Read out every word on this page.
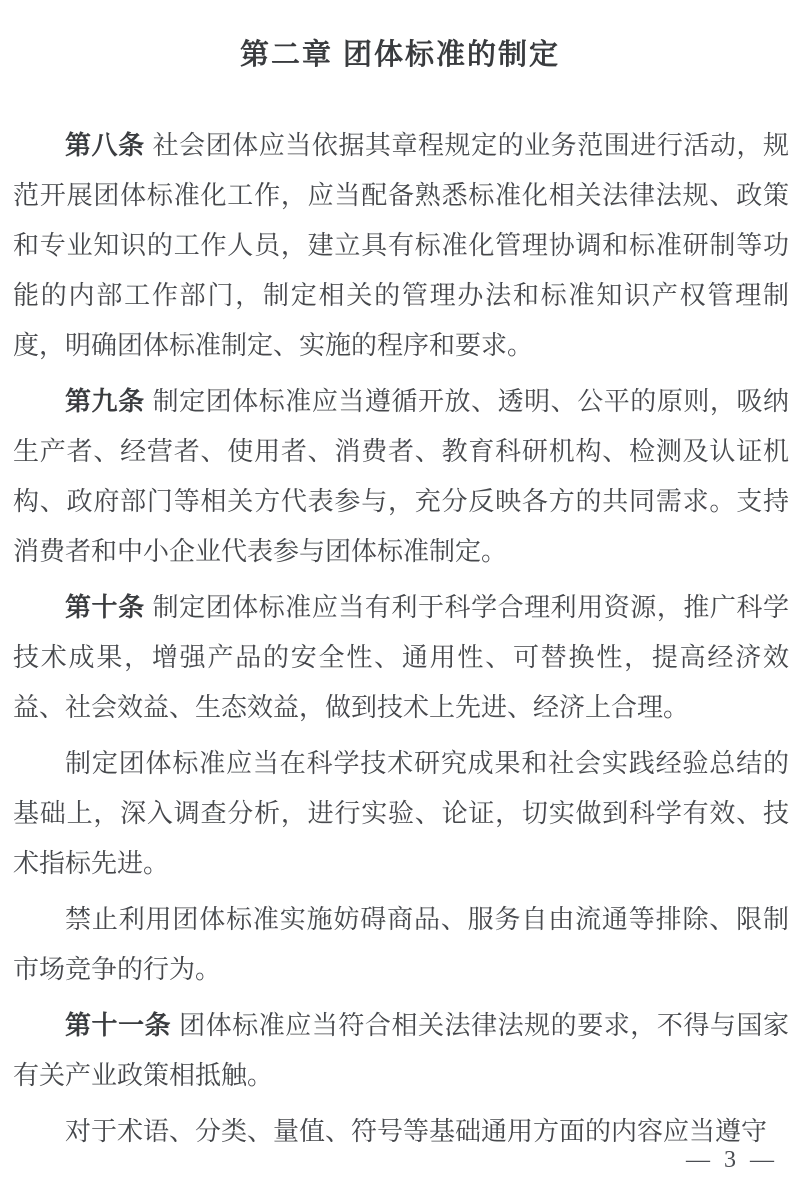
第二章 团体标准的制定

第八条 社会团体应当依据其章程规定的业务范围进行活动，规范开展团体标准化工作，应当配备熟悉标准化相关法律法规、政策和专业知识的工作人员，建立具有标准化管理协调和标准研制等功能的内部工作部门，制定相关的管理办法和标准知识产权管理制度，明确团体标准制定、实施的程序和要求。

第九条 制定团体标准应当遵循开放、透明、公平的原则，吸纳生产者、经营者、使用者、消费者、教育科研机构、检测及认证机构、政府部门等相关方代表参与，充分反映各方的共同需求。支持消费者和中小企业代表参与团体标准制定。

第十条 制定团体标准应当有利于科学合理利用资源，推广科学技术成果，增强产品的安全性、通用性、可替换性，提高经济效益、社会效益、生态效益，做到技术上先进、经济上合理。

制定团体标准应当在科学技术研究成果和社会实践经验总结的基础上，深入调查分析，进行实验、论证，切实做到科学有效、技术指标先进。

禁止利用团体标准实施妨碍商品、服务自由流通等排除、限制市场竞争的行为。

第十一条 团体标准应当符合相关法律法规的要求，不得与国家有关产业政策相抵触。

对于术语、分类、量值、符号等基础通用方面的内容应当遵守

— 3 —
